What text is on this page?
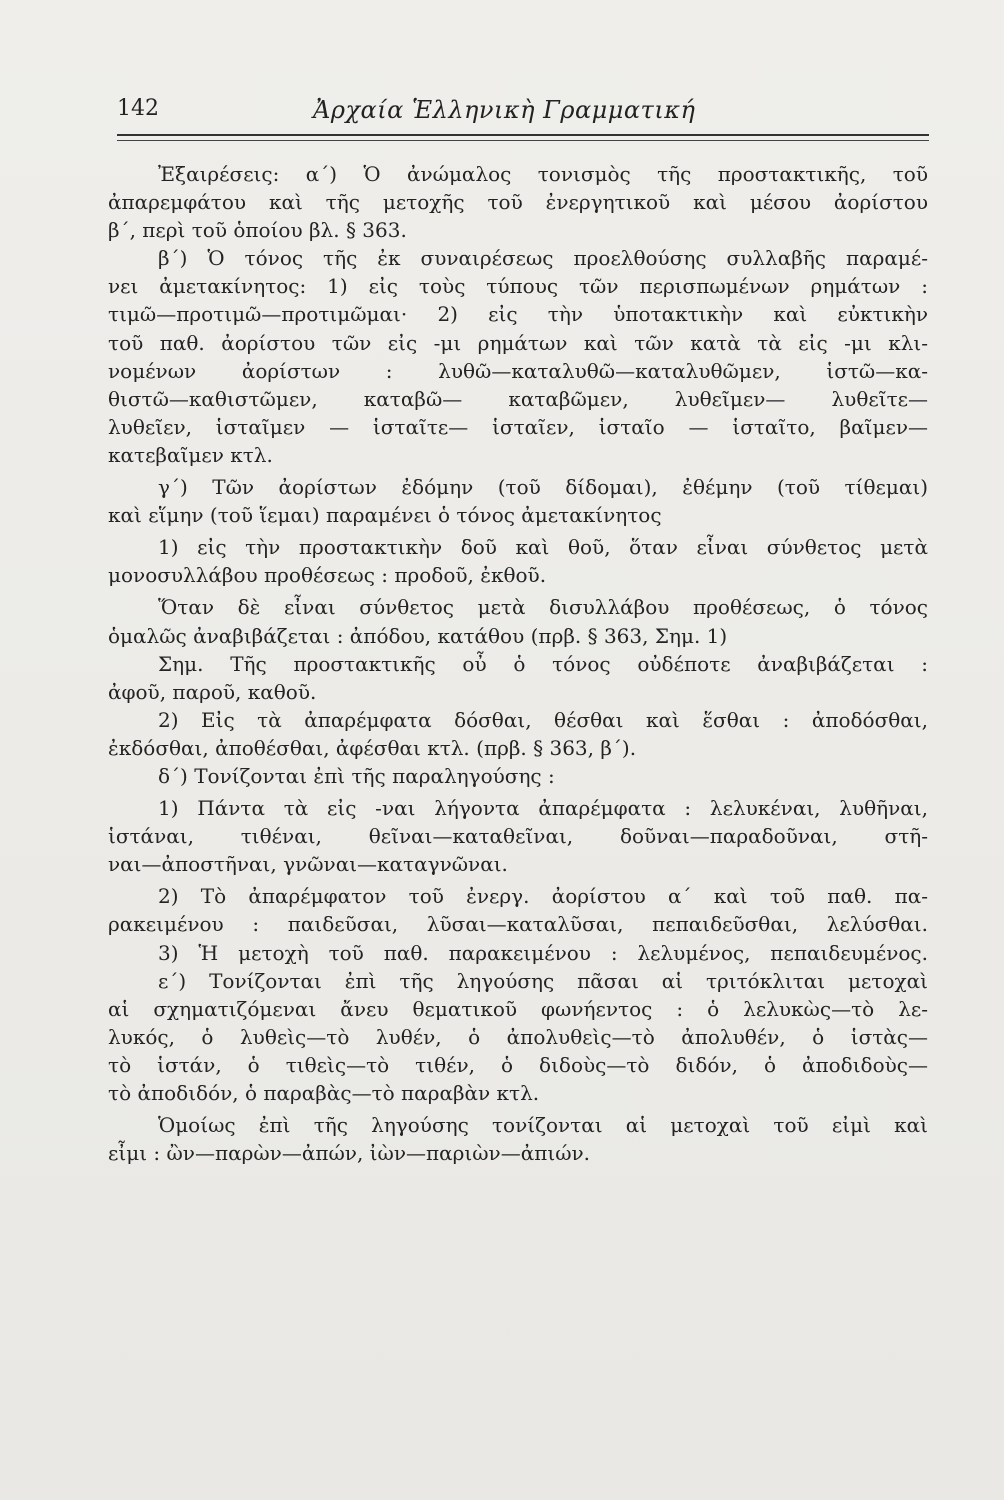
142	Ἀρχαία Ἑλληνικὴ Γραμματική
Ἐξαιρέσεις: α΄) Ὁ ἀνώμαλος τονισμὸς τῆς προστακτικῆς, τοῦ
ἀπαρεμφάτου καὶ τῆς μετοχῆς τοῦ ἐνεργητικοῦ καὶ μέσου ἀορίστου
β΄, περὶ τοῦ ὁποίου βλ. § 363.
β΄) Ὁ τόνος τῆς ἐκ συναιρέσεως προελθούσης συλλαβῆς παραμέ-
νει ἀμετακίνητος: 1) εἰς τοὺς τύπους τῶν περισπωμένων ρημάτων :
τιμῶ—προτιμῶ—προτιμῶμαι· 2) εἰς τὴν ὑποτακτικὴν καὶ εὐκτικὴν
τοῦ παθ. ἀορίστου τῶν εἰς -μι ρημάτων καὶ τῶν κατὰ τὰ εἰς -μι κλι-
νομένων ἀορίστων : λυθῶ—καταλυθῶ—καταλυθῶμεν, ἱστῶ—κα-
θιστῶ—καθιστῶμεν, καταβῶ— καταβῶμεν, λυθεῖμεν— λυθεῖτε—
λυθεῖεν, ἱσταῖμεν — ἱσταῖτε— ἱσταῖεν, ἱσταῖο — ἱσταῖτο, βαῖμεν—
κατεβαῖμεν κτλ.
γ΄) Τῶν ἀορίστων ἐδόμην (τοῦ δίδομαι), ἐθέμην (τοῦ τίθεμαι)
καὶ εἵμην (τοῦ ἵεμαι) παραμένει ὁ τόνος ἀμετακίνητος
1) εἰς τὴν προστακτικὴν δοῦ καὶ θοῦ, ὅταν εἶναι σύνθετος μετὰ
μονοσυλλάβου προθέσεως : προδοῦ, ἐκθοῦ.
Ὅταν δὲ εἶναι σύνθετος μετὰ δισυλλάβου προθέσεως, ὁ τόνος
ὁμαλῶς ἀναβιβάζεται : ἀπόδου, κατάθου (πρβ. § 363, Σημ. 1)
Σημ. Τῆς προστακτικῆς οὖ ὁ τόνος οὐδέποτε ἀναβιβάζεται :
ἀφοῦ, παροῦ, καθοῦ.
2) Εἰς τὰ ἀπαρέμφατα δόσθαι, θέσθαι καὶ ἕσθαι : ἀποδόσθαι,
ἐκδόσθαι, ἀποθέσθαι, ἀφέσθαι κτλ. (πρβ. § 363, β΄).
δ΄) Τονίζονται ἐπὶ τῆς παραληγούσης :
1) Πάντα τὰ εἰς -ναι λήγοντα ἀπαρέμφατα : λελυκέναι, λυθῆναι,
ἱστάναι, τιθέναι, θεῖναι—καταθεῖναι, δοῦναι—παραδοῦναι, στῆ-
ναι—ἀποστῆναι, γνῶναι—καταγνῶναι.
2) Τὸ ἀπαρέμφατον τοῦ ἐνεργ. ἀορίστου α΄ καὶ τοῦ παθ. πα-
ρακειμένου : παιδεῦσαι, λῦσαι—καταλῦσαι, πεπαιδεῦσθαι, λελύσθαι.
3) Ἡ μετοχὴ τοῦ παθ. παρακειμένου : λελυμένος, πεπαιδευμένος.
ε΄) Τονίζονται ἐπὶ τῆς ληγούσης πᾶσαι αἱ τριτόκλιται μετοχαὶ
αἱ σχηματιζόμεναι ἄνευ θεματικοῦ φωνήεντος : ὁ λελυκὼς—τὸ λε-
λυκός, ὁ λυθεὶς—τὸ λυθέν, ὁ ἀπολυθεὶς—τὸ ἀπολυθέν, ὁ ἱστὰς—
τὸ ἱστάν, ὁ τιθεὶς—τὸ τιθέν, ὁ διδοὺς—τὸ διδόν, ὁ ἀποδιδοὺς—
τὸ ἀποδιδόν, ὁ παραβὰς—τὸ παραβὰν κτλ.
Ὁμοίως ἐπὶ τῆς ληγούσης τονίζονται αἱ μετοχαὶ τοῦ εἰμὶ καὶ
εἶμι : ὢν—παρὼν—ἀπών, ἰὼν—παριὼν—ἀπιών.
